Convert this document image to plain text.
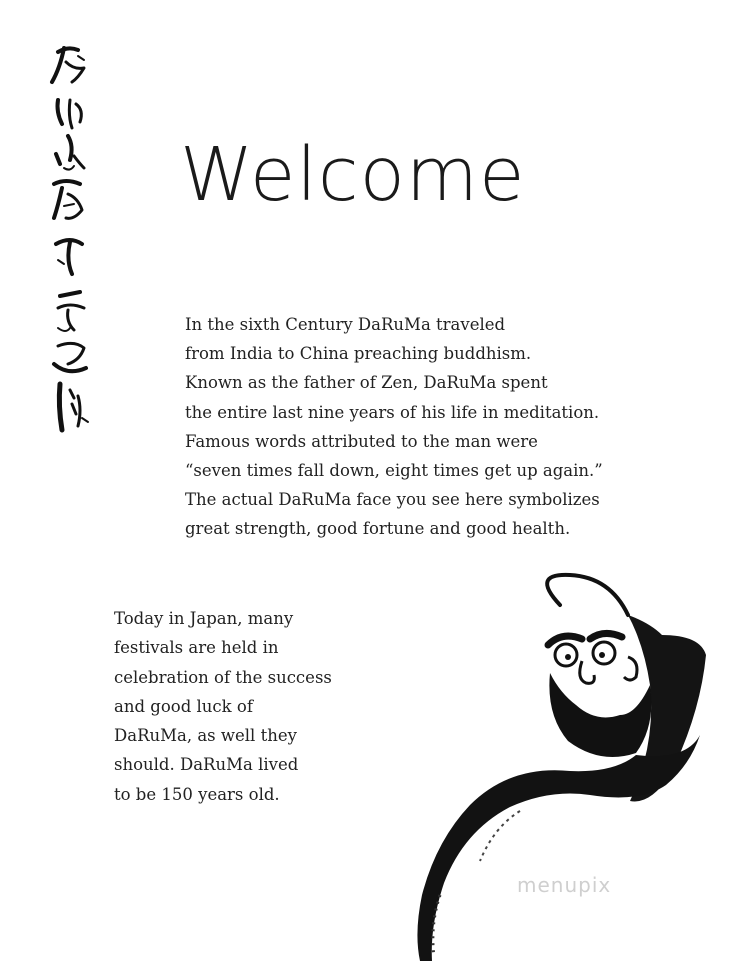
Welcome
In the sixth Century DaRuMa traveled
from India to China preaching buddhism.
Known as the father of Zen, DaRuMa spent
the entire last nine years of his life in meditation.
Famous words attributed to the man were
“seven times fall down, eight times get up again.”
The actual DaRuMa face you see here symbolizes
great strength, good fortune and good health.
Today in Japan, many
festivals are held in
celebration of the success
and good luck of
DaRuMa, as well they
should. DaRuMa lived
to be 150 years old.
menupix
